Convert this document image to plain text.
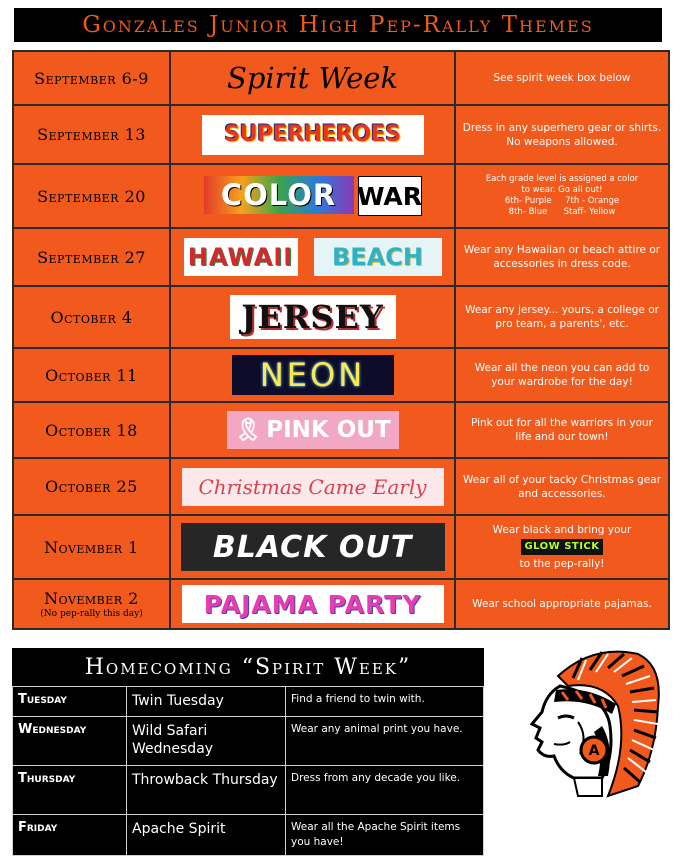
Gonzales Junior High Pep-Rally Themes
September 6-9	Spirit Week	See spirit week box below
September 13	SUPERHEROES	Dress in any superhero gear or shirts. No weapons allowed.
September 20	COLOR WAR	Each grade level is assigned a color
to wear. Go all out!
6th- Purple     7th - Orange
8th- Blue      Staff- Yellow

September 27	HAWAII BEACH	Wear any Hawaiian or beach attire or accessories in dress code.
October 4	JERSEY	Wear any jersey... yours, a college or pro team, a parents', etc.
October 11	NEON	Wear all the neon you can add to your wardrobe for the day!
October 18	🎗 PINK OUT	Pink out for all the warriors in your life and our town!
October 25	Christmas Came Early	Wear all of your tacky Christmas gear and accessories.
November 1	BLACK OUT	Wear black and bring your
GLOW STICK
to the pep-rally!

November 2
(No pep-rally this day)	PAJAMA PARTY	Wear school appropriate pajamas.
Homecoming “Spirit Week”
Tuesday	Twin Tuesday	Find a friend to twin with.
Wednesday	Wild Safari Wednesday	Wear any animal print you have.
Thursday	Throwback Thursday	Dress from any decade you like.
Friday	Apache Spirit	Wear all the Apache Spirit items you have!
A
